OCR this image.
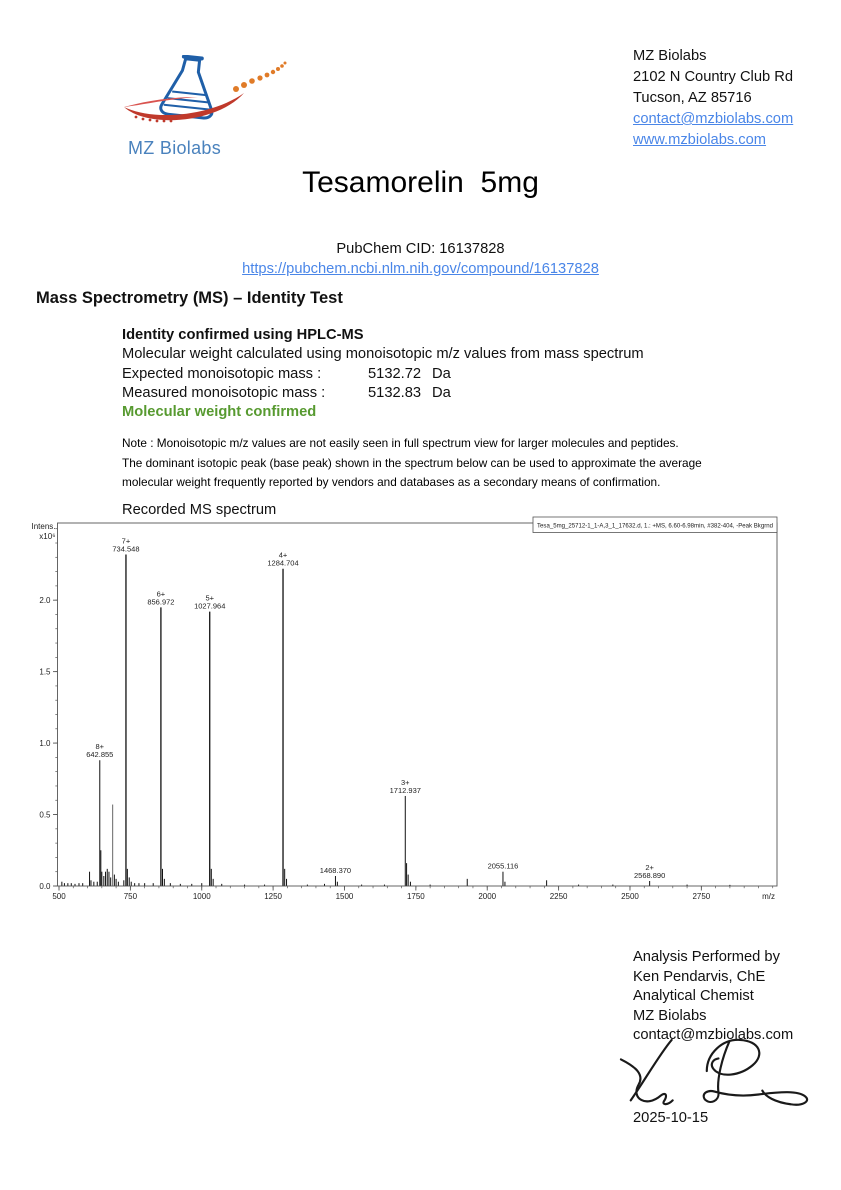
MZ Biolabs
MZ Biolabs
2102 N Country Club Rd
Tucson, AZ 85716
contact@mzbiolabs.com
www.mzbiolabs.com
Tesamorelin  5mg
PubChem CID: 16137828
https://pubchem.ncbi.nlm.nih.gov/compound/16137828
Mass Spectrometry (MS) – Identity Test
Identity confirmed using HPLC-MS
Molecular weight calculated using monoisotopic m/z values from mass spectrum
Expected monoisotopic mass :	5132.72 Da
Measured monoisotopic mass :	5132.83 Da
Molecular weight confirmed
Note : Monoisotopic m/z values are not easily seen in full spectrum view for larger molecules and peptides.
The dominant isotopic peak (base peak) shown in the spectrum below can be used to approximate the average
molecular weight frequently reported by vendors and databases as a secondary means of confirmation.
Recorded MS spectrum
500	750	1000	1250	1500	1750	2000	2250	2500	2750	m/z
0.0
0.5
1.0
1.5
2.0
Intens.
x10⁶
8+
642.855
7+
734.548
6+
856.972	5+
1027.964
4+
1284.704
1468.370
3+
1712.937
2055.116	2+
2568.890
Tesa_5mg_25712-1_1-A,3_1_17632.d, 1.: +MS, 6.60-6.98min, #382-404, -Peak Bkgrnd
Analysis Performed by
Ken Pendarvis, ChE
Analytical Chemist
MZ Biolabs
contact@mzbiolabs.com
2025-10-15
